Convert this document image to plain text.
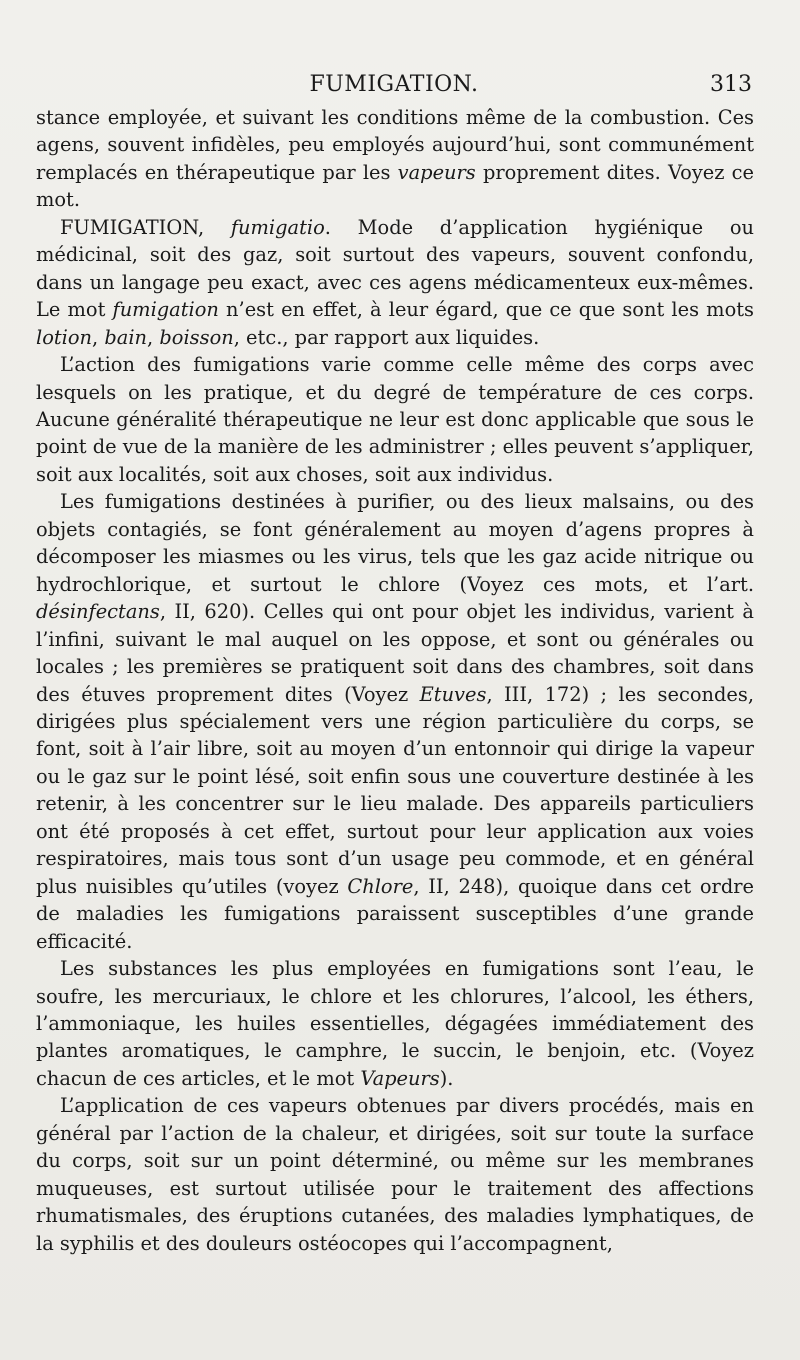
FUMIGATION.	313

stance employée, et suivant les conditions même de la combustion. Ces agens, souvent infidèles, peu employés aujourd’hui, sont communément remplacés en thérapeutique par les vapeurs proprement dites. Voyez ce mot.

FUMIGATION, fumigatio. Mode d’application hygiénique ou médicinal, soit des gaz, soit surtout des vapeurs, souvent confondu, dans un langage peu exact, avec ces agens médicamenteux eux-mêmes. Le mot fumigation n’est en effet, à leur égard, que ce que sont les mots lotion, bain, boisson, etc., par rapport aux liquides.

L’action des fumigations varie comme celle même des corps avec lesquels on les pratique, et du degré de température de ces corps. Aucune généralité thérapeutique ne leur est donc applicable que sous le point de vue de la manière de les administrer ; elles peuvent s’appliquer, soit aux localités, soit aux choses, soit aux individus.

Les fumigations destinées à purifier, ou des lieux malsains, ou des objets contagiés, se font généralement au moyen d’agens propres à décomposer les miasmes ou les virus, tels que les gaz acide nitrique ou hydrochlorique, et surtout le chlore (Voyez ces mots, et l’art. désinfectans, II, 620). Celles qui ont pour objet les individus, varient à l’infini, suivant le mal auquel on les oppose, et sont ou générales ou locales ; les premières se pratiquent soit dans des chambres, soit dans des étuves proprement dites (Voyez Etuves, III, 172) ; les secondes, dirigées plus spécialement vers une région particulière du corps, se font, soit à l’air libre, soit au moyen d’un entonnoir qui dirige la vapeur ou le gaz sur le point lésé, soit enfin sous une couverture destinée à les retenir, à les concentrer sur le lieu malade. Des appareils particuliers ont été proposés à cet effet, surtout pour leur application aux voies respiratoires, mais tous sont d’un usage peu commode, et en général plus nuisibles qu’utiles (voyez Chlore, II, 248), quoique dans cet ordre de maladies les fumigations paraissent susceptibles d’une grande efficacité.

Les substances les plus employées en fumigations sont l’eau, le soufre, les mercuriaux, le chlore et les chlorures, l’alcool, les éthers, l’ammoniaque, les huiles essentielles, dégagées immédiatement des plantes aromatiques, le camphre, le succin, le benjoin, etc. (Voyez chacun de ces articles, et le mot Vapeurs).

L’application de ces vapeurs obtenues par divers procédés, mais en général par l’action de la chaleur, et dirigées, soit sur toute la surface du corps, soit sur un point déterminé, ou même sur les membranes muqueuses, est surtout utilisée pour le traitement des affections rhumatismales, des éruptions cutanées, des maladies lymphatiques, de la syphilis et des douleurs ostéocopes qui l’accompagnent,
